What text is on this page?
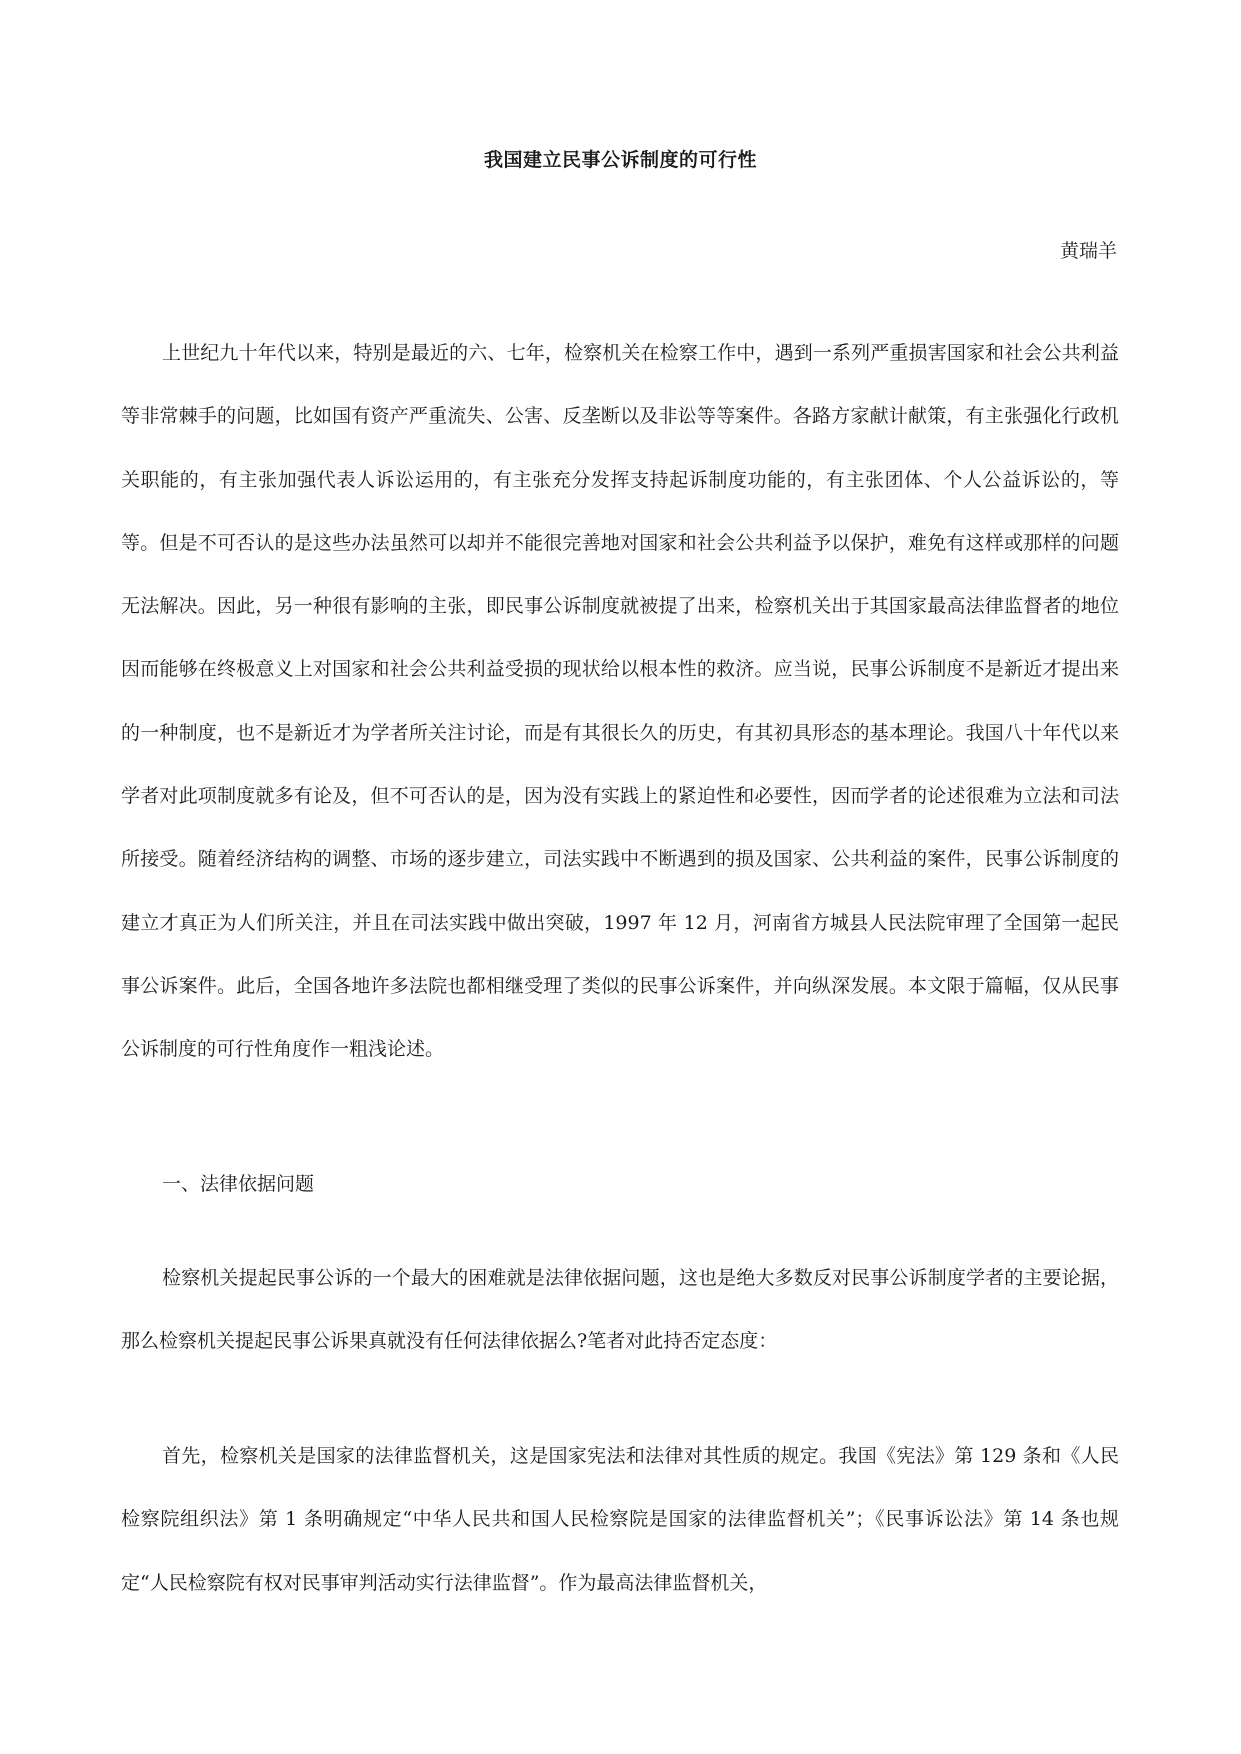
我国建立民事公诉制度的可行性
黄瑞羊

上世纪九十年代以来，特别是最近的六、七年，检察机关在检察工作中，遇到一系列严重损害国家和社会公共利益等非常棘手的问题，比如国有资产严重流失、公害、反垄断以及非讼等等案件。各路方家献计献策，有主张强化行政机关职能的，有主张加强代表人诉讼运用的，有主张充分发挥支持起诉制度功能的，有主张团体、个人公益诉讼的，等等。但是不可否认的是这些办法虽然可以却并不能很完善地对国家和社会公共利益予以保护，难免有这样或那样的问题无法解决。因此，另一种很有影响的主张，即民事公诉制度就被提了出来，检察机关出于其国家最高法律监督者的地位因而能够在终极意义上对国家和社会公共利益受损的现状给以根本性的救济。应当说，民事公诉制度不是新近才提出来的一种制度，也不是新近才为学者所关注讨论，而是有其很长久的历史，有其初具形态的基本理论。我国八十年代以来学者对此项制度就多有论及，但不可否认的是，因为没有实践上的紧迫性和必要性，因而学者的论述很难为立法和司法所接受。随着经济结构的调整、市场的逐步建立，司法实践中不断遇到的损及国家、公共利益的案件，民事公诉制度的建立才真正为人们所关注，并且在司法实践中做出突破，1997 年 12 月，河南省方城县人民法院审理了全国第一起民事公诉案件。此后，全国各地许多法院也都相继受理了类似的民事公诉案件，并向纵深发展。本文限于篇幅，仅从民事公诉制度的可行性角度作一粗浅论述。

一、法律依据问题

检察机关提起民事公诉的一个最大的困难就是法律依据问题，这也是绝大多数反对民事公诉制度学者的主要论据，那么检察机关提起民事公诉果真就没有任何法律依据么?笔者对此持否定态度：

首先，检察机关是国家的法律监督机关，这是国家宪法和法律对其性质的规定。我国《宪法》第 129 条和《人民检察院组织法》第 1 条明确规定“中华人民共和国人民检察院是国家的法律监督机关”；《民事诉讼法》第 14 条也规定“人民检察院有权对民事审判活动实行法律监督”。作为最高法律监督机关，
